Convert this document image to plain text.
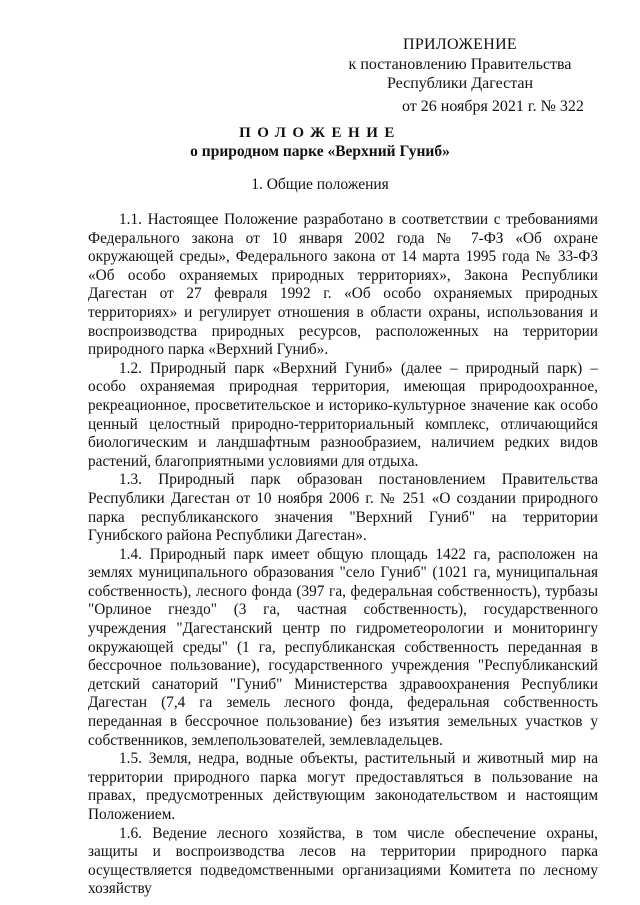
ПРИЛОЖЕНИЕ
к постановлению Правительства
Республики Дагестан
от 26 ноября 2021 г. № 322
ПОЛОЖЕНИЕ
о природном парке «Верхний Гуниб»
1. Общие положения

1.1. Настоящее Положение разработано в соответствии с требованиями Федерального закона от 10 января 2002 года № 7-ФЗ «Об охране окружающей среды», Федерального закона от 14 марта 1995 года № 33-ФЗ «Об особо охраняемых природных территориях», Закона Республики Дагестан от 27 февраля 1992 г. «Об особо охраняемых природных территориях» и регулирует отношения в области охраны, использования и воспроизводства природных ресурсов, расположенных на территории природного парка «Верхний Гуниб».

1.2. Природный парк «Верхний Гуниб» (далее – природный парк) – особо охраняемая природная территория, имеющая природоохранное, рекреационное, просветительское и историко-культурное значение как особо ценный целостный природно-территориальный комплекс, отличающийся биологическим и ландшафтным разнообразием, наличием редких видов растений, благоприятными условиями для отдыха.

1.3. Природный парк образован постановлением Правительства Республики Дагестан от 10 ноября 2006 г. № 251 «О создании природного парка республиканского значения "Верхний Гуниб" на территории Гунибского района Республики Дагестан».

1.4. Природный парк имеет общую площадь 1422 га, расположен на землях муниципального образования "село Гуниб" (1021 га, муниципальная собственность), лесного фонда (397 га, федеральная собственность), турбазы "Орлиное гнездо" (3 га, частная собственность), государственного учреждения "Дагестанский центр по гидрометеорологии и мониторингу окружающей среды" (1 га, республиканская собственность переданная в бессрочное пользование), государственного учреждения "Республиканский детский санаторий "Гуниб" Министерства здравоохранения Республики Дагестан (7,4 га земель лесного фонда, федеральная собственность переданная в бессрочное пользование) без изъятия земельных участков у собственников, землепользователей, землевладельцев.

1.5. Земля, недра, водные объекты, растительный и животный мир на территории природного парка могут предоставляться в пользование на правах, предусмотренных действующим законодательством и настоящим Положением.

1.6. Ведение лесного хозяйства, в том числе обеспечение охраны, защиты и воспроизводства лесов на территории природного парка осуществляется подведомственными организациями Комитета по лесному хозяйству
